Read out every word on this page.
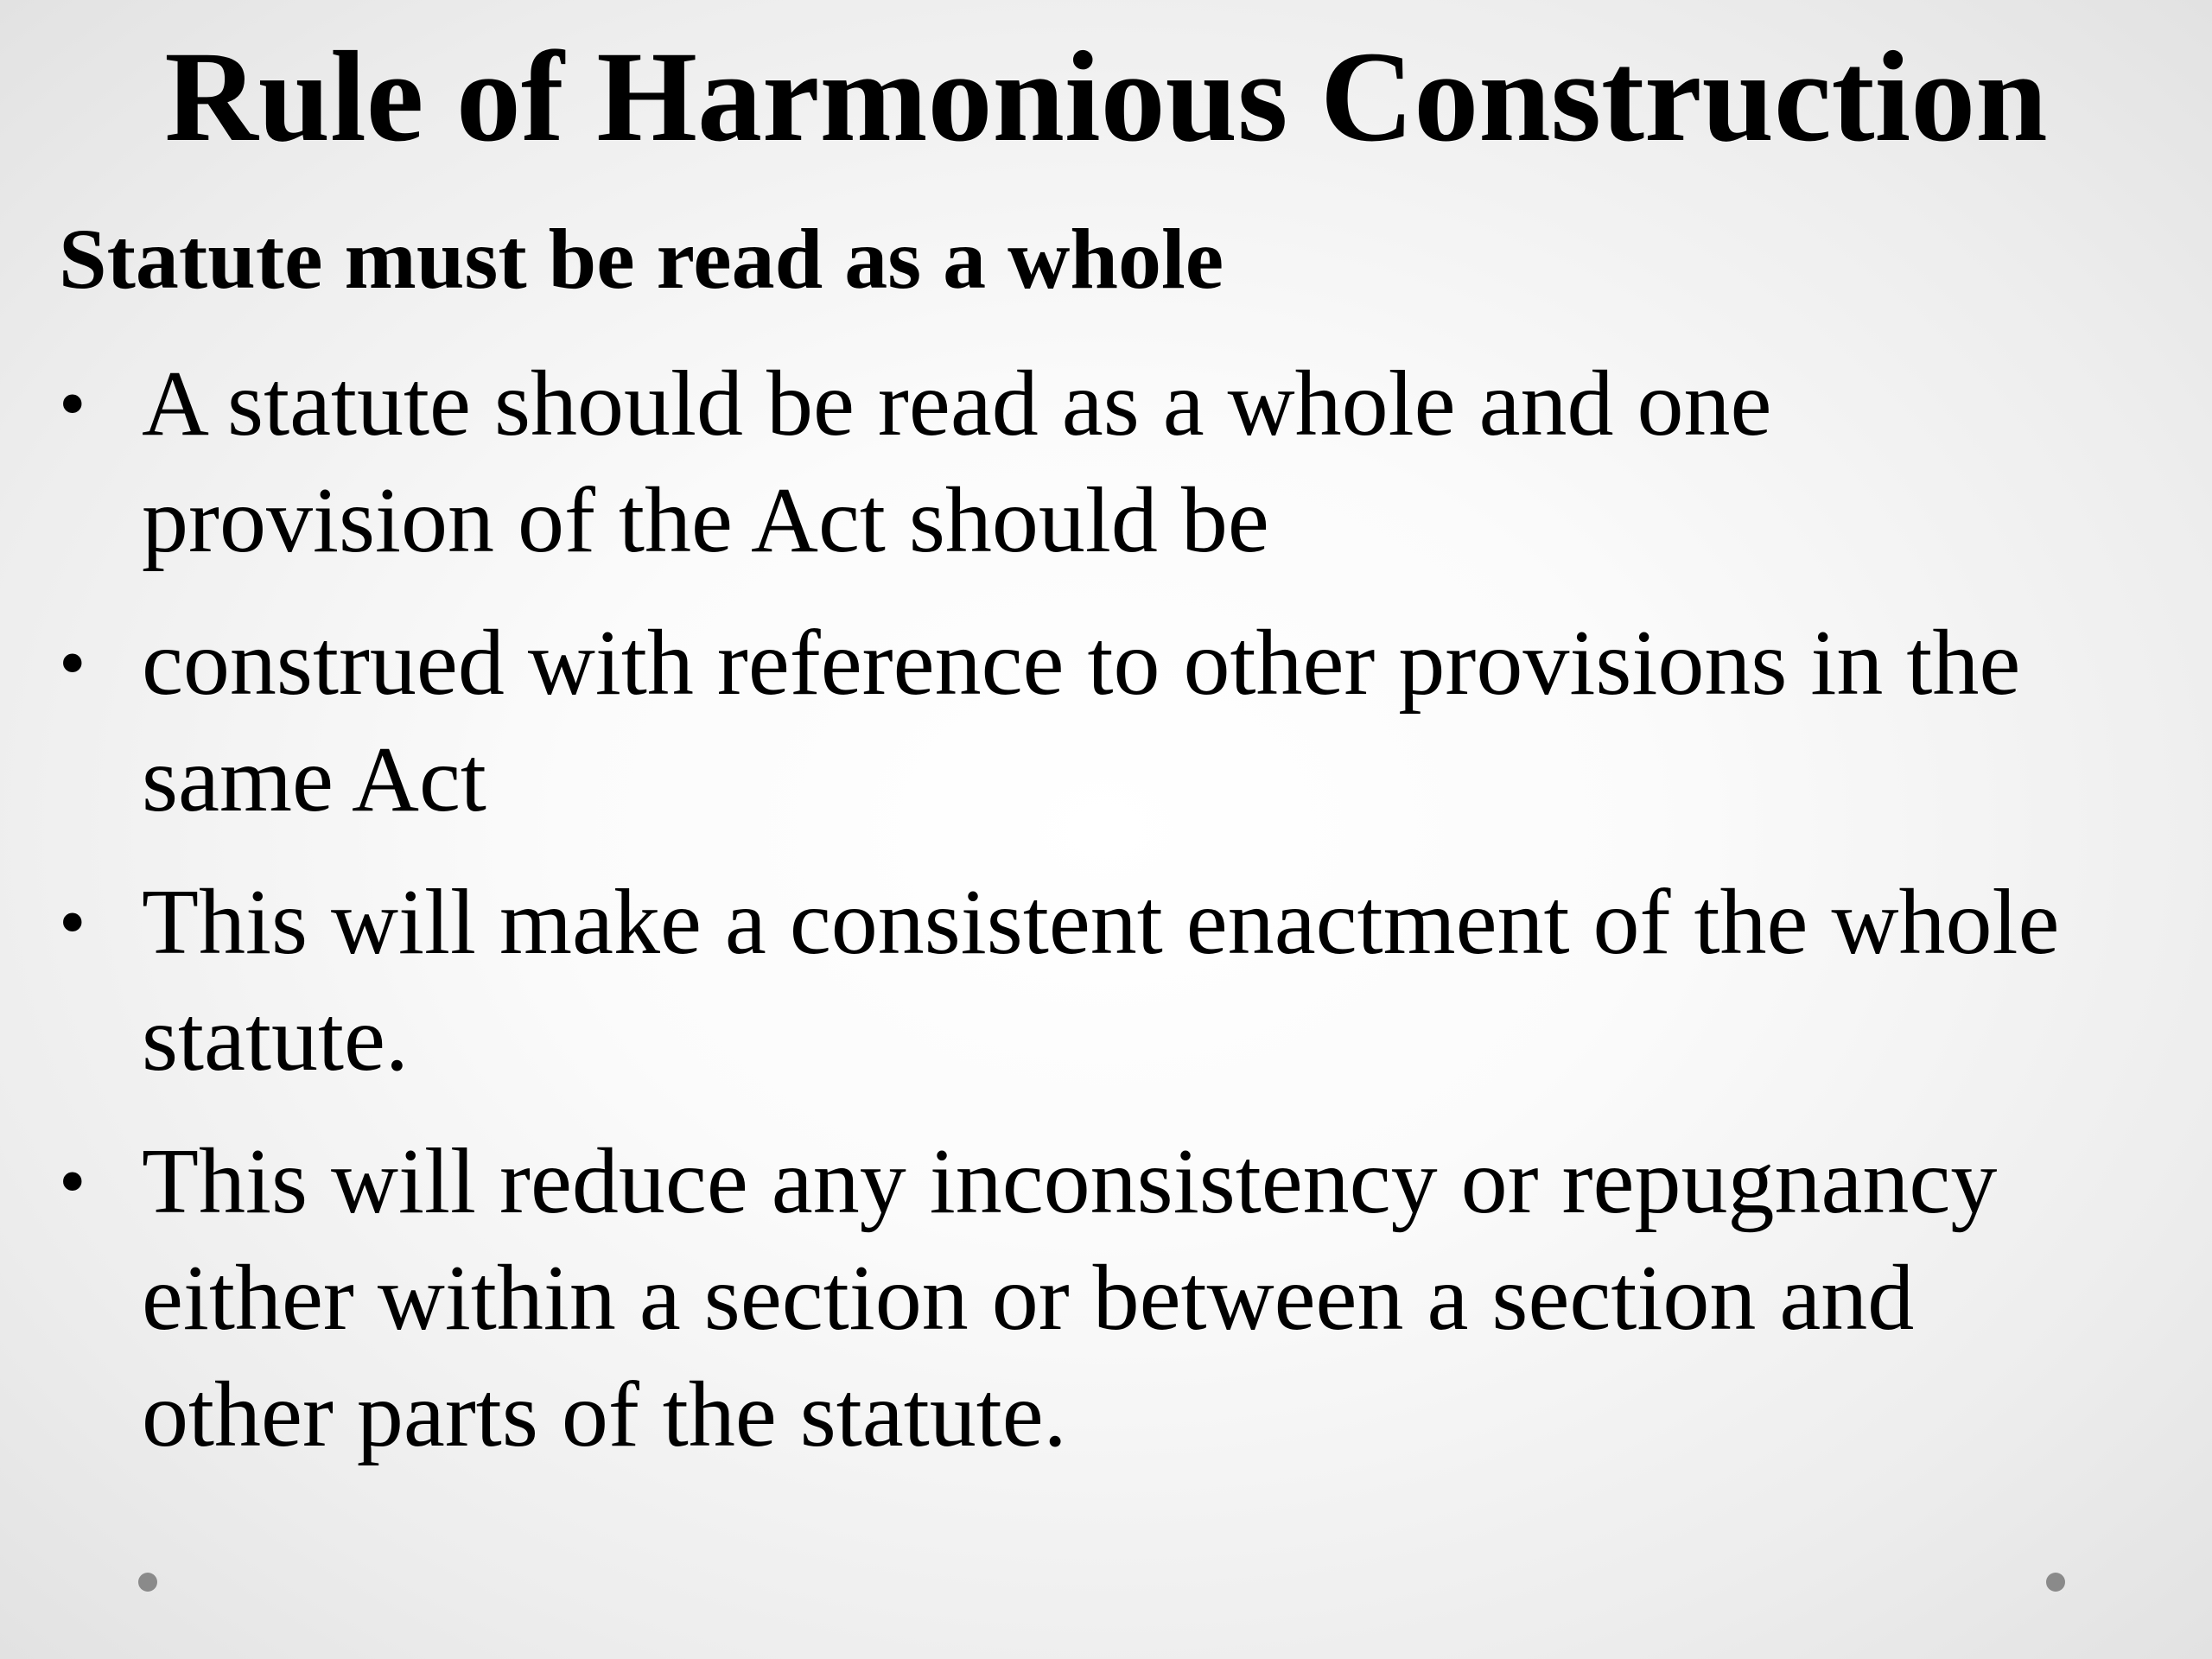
Rule of Harmonious Construction
Statute must be read as a whole
• A statute should be read as a whole and one
provision of the Act should be
• construed with reference to other provisions in the
same Act
• This will make a consistent enactment of the whole
statute.
• This will reduce any inconsistency or repugnancy
either within a section or between a section and
other parts of the statute.
